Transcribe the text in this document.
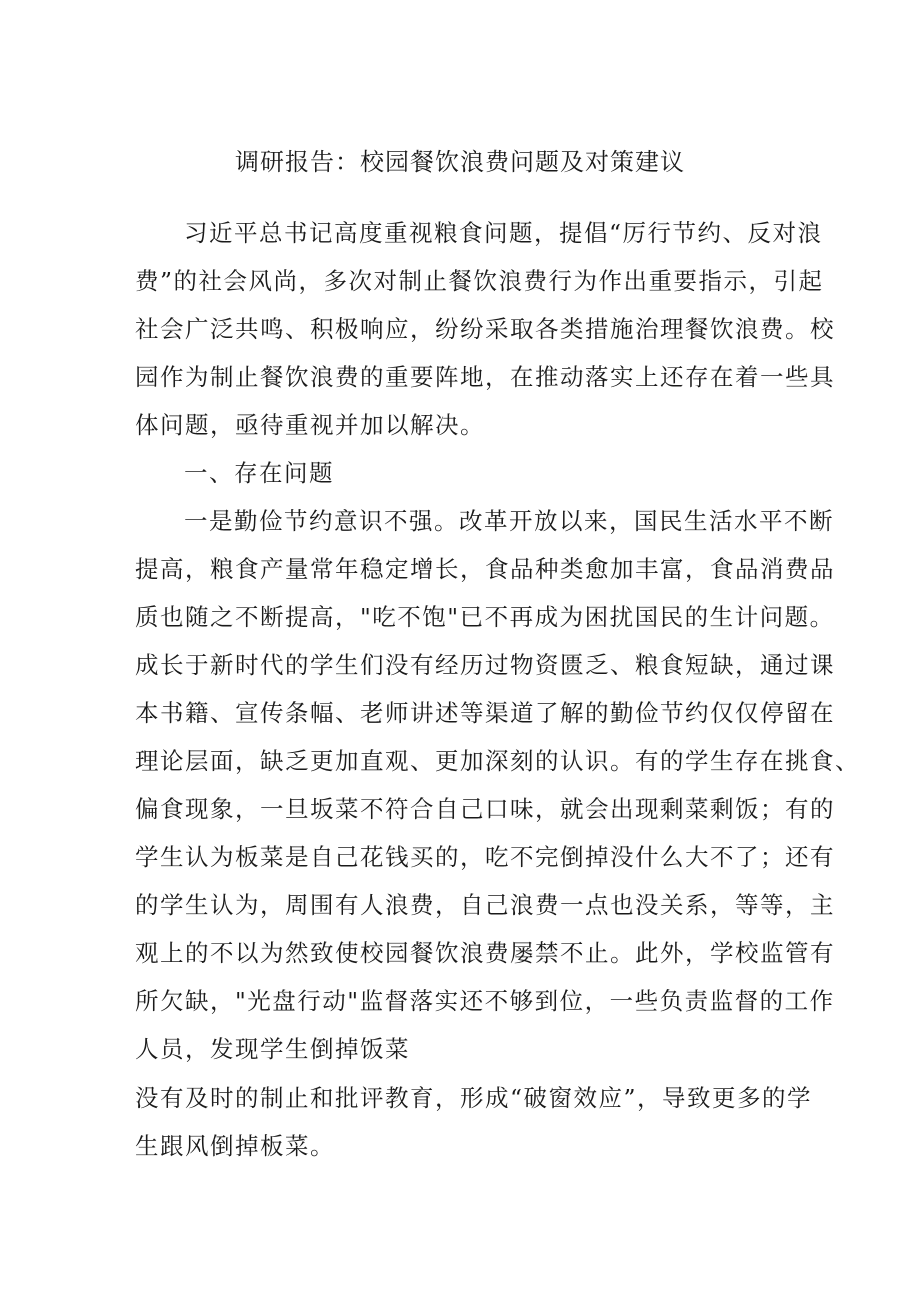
调研报告：校园餐饮浪费问题及对策建议
习近平总书记高度重视粮食问题，提倡“厉行节约、反对浪
费”的社会风尚，多次对制止餐饮浪费行为作出重要指示，引起
社会广泛共鸣、积极响应，纷纷采取各类措施治理餐饮浪费。校
园作为制止餐饮浪费的重要阵地，在推动落实上还存在着一些具
体问题，亟待重视并加以解决。
一、存在问题
一是勤俭节约意识不强。改革开放以来，国民生活水平不断
提高，粮食产量常年稳定增长，食品种类愈加丰富，食品消费品
质也随之不断提高，"吃不饱"已不再成为困扰国民的生计问题。
成长于新时代的学生们没有经历过物资匮乏、粮食短缺，通过课
本书籍、宣传条幅、老师讲述等渠道了解的勤俭节约仅仅停留在
理论层面，缺乏更加直观、更加深刻的认识。有的学生存在挑食、
偏食现象，一旦坂菜不符合自己口味，就会出现剩菜剩饭；有的
学生认为板菜是自己花钱买的，吃不完倒掉没什么大不了；还有
的学生认为，周围有人浪费，自己浪费一点也没关系，等等，主
观上的不以为然致使校园餐饮浪费屡禁不止。此外，学校监管有
所欠缺，"光盘行动"监督落实还不够到位，一些负责监督的工作
人员，发现学生倒掉饭菜
没有及时的制止和批评教育，形成“破窗效应”，导致更多的学
生跟风倒掉板菜。
